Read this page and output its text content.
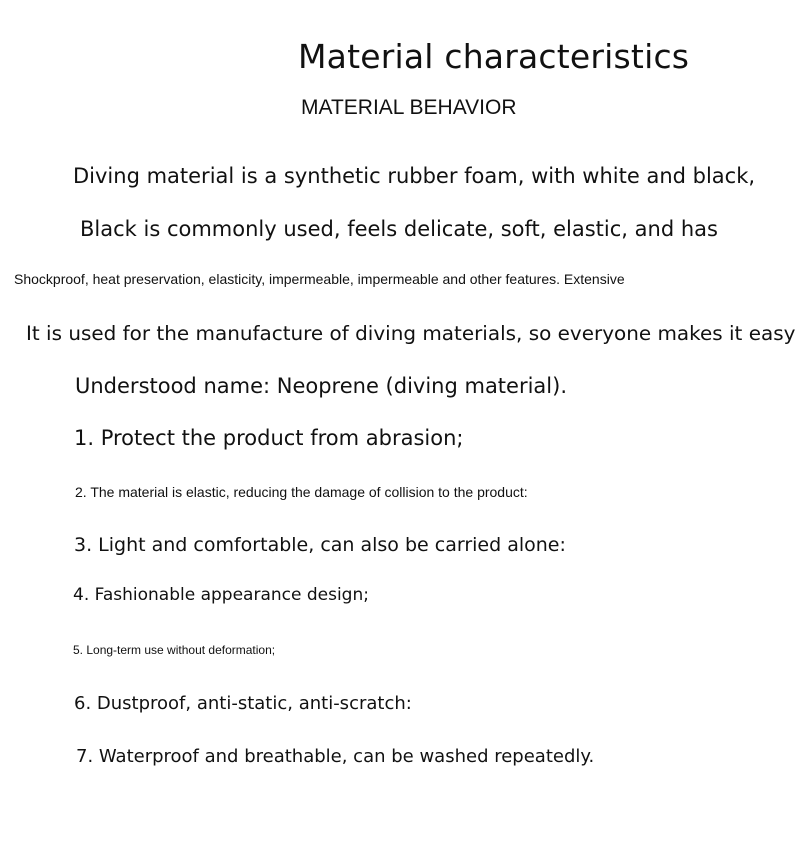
Material characteristics
MATERIAL BEHAVIOR
Diving material is a synthetic rubber foam, with white and black,
Black is commonly used, feels delicate, soft, elastic, and has
Shockproof, heat preservation, elasticity, impermeable, impermeable and other features. Extensive
It is used for the manufacture of diving materials, so everyone makes it easy
Understood name: Neoprene (diving material).
1. Protect the product from abrasion;
2. The material is elastic, reducing the damage of collision to the product:
3. Light and comfortable, can also be carried alone:
4. Fashionable appearance design;
5. Long-term use without deformation;
6. Dustproof, anti-static, anti-scratch:
7. Waterproof and breathable, can be washed repeatedly.
